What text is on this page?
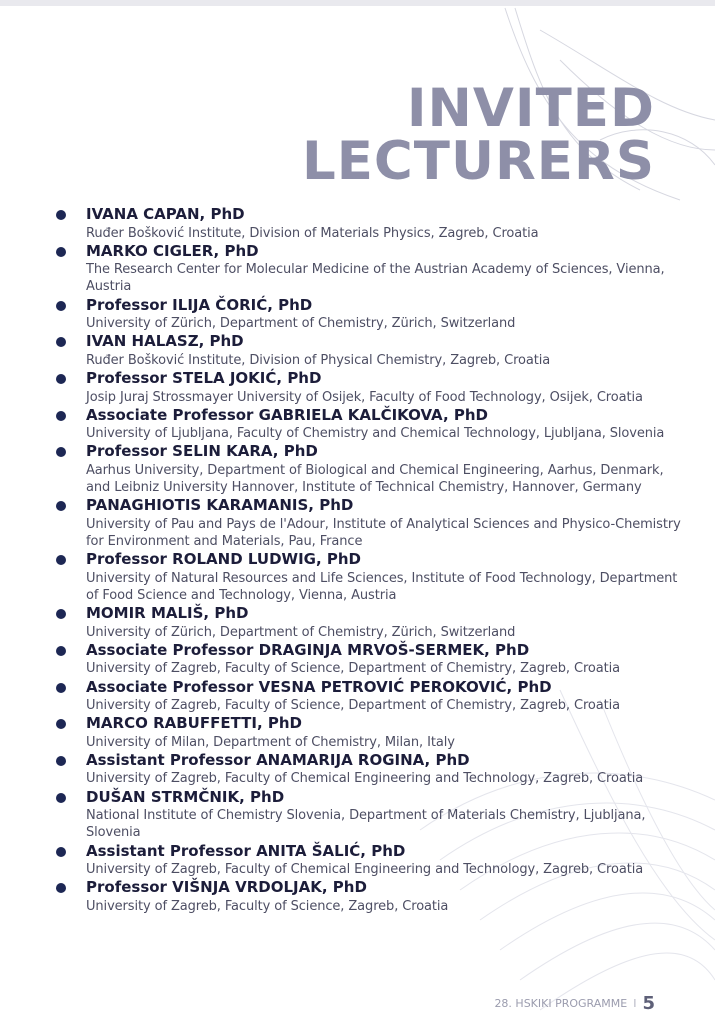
INVITED
LECTURERS
IVANA CAPAN, PhD
Ruđer Bošković Institute, Division of Materials Physics, Zagreb, Croatia
MARKO CIGLER, PhD
The Research Center for Molecular Medicine of the Austrian Academy of Sciences, Vienna, Austria
Professor ILIJA ČORIĆ, PhD
University of Zürich, Department of Chemistry, Zürich, Switzerland
IVAN HALASZ, PhD
Ruđer Bošković Institute, Division of Physical Chemistry, Zagreb, Croatia
Professor STELA JOKIĆ, PhD
Josip Juraj Strossmayer University of Osijek, Faculty of Food Technology, Osijek, Croatia
Associate Professor GABRIELA KALČIKOVA, PhD
University of Ljubljana, Faculty of Chemistry and Chemical Technology, Ljubljana, Slovenia
Professor SELIN KARA, PhD
Aarhus University, Department of Biological and Chemical Engineering, Aarhus, Denmark, and Leibniz University Hannover, Institute of Technical Chemistry, Hannover, Germany
PANAGHIOTIS KARAMANIS, PhD
University of Pau and Pays de l'Adour, Institute of Analytical Sciences and Physico-Chemistry for Environment and Materials, Pau, France
Professor ROLAND LUDWIG, PhD
University of Natural Resources and Life Sciences, Institute of Food Technology, Department of Food Science and Technology, Vienna, Austria
MOMIR MALIŠ, PhD
University of Zürich, Department of Chemistry, Zürich, Switzerland
Associate Professor DRAGINJA MRVOŠ-SERMEK, PhD
University of Zagreb, Faculty of Science, Department of Chemistry, Zagreb, Croatia
Associate Professor VESNA PETROVIĆ PEROKOVIĆ, PhD
University of Zagreb, Faculty of Science, Department of Chemistry, Zagreb, Croatia
MARCO RABUFFETTI, PhD
University of Milan, Department of Chemistry, Milan, Italy
Assistant Professor ANAMARIJA ROGINA, PhD
University of Zagreb, Faculty of Chemical Engineering and Technology, Zagreb, Croatia
DUŠAN STRMČNIK, PhD
National Institute of Chemistry Slovenia, Department of Materials Chemistry, Ljubljana, Slovenia
Assistant Professor ANITA ŠALIĆ, PhD
University of Zagreb, Faculty of Chemical Engineering and Technology, Zagreb, Croatia
Professor VIŠNJA VRDOLJAK, PhD
University of Zagreb, Faculty of Science, Zagreb, Croatia
28. HSKIKI PROGRAMME I 5
